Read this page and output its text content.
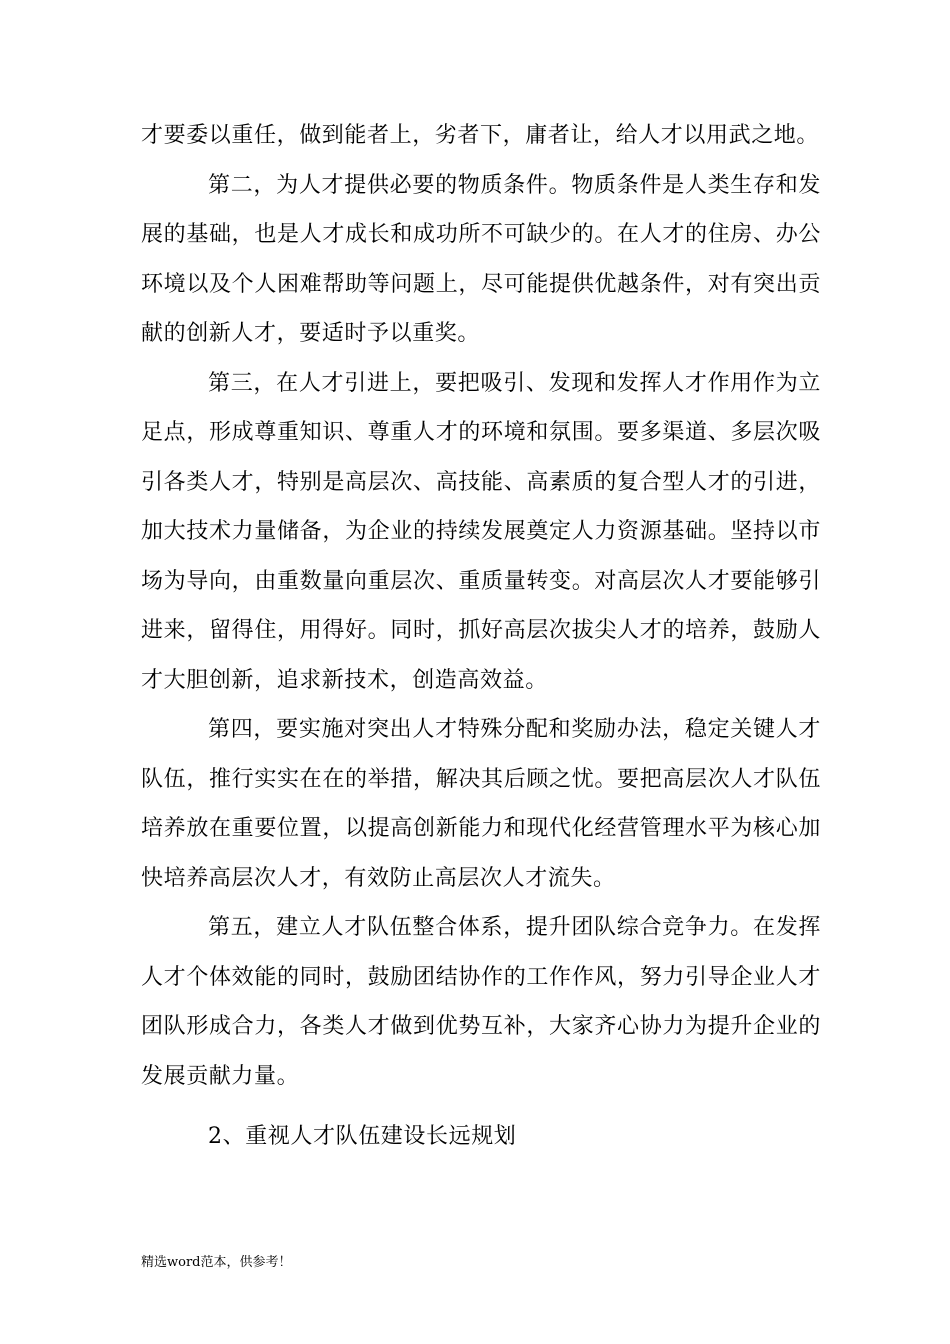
才要委以重任，做到能者上，劣者下，庸者让，给人才以用武之地。

第二，为人才提供必要的物质条件。物质条件是人类生存和发展的基础，也是人才成长和成功所不可缺少的。在人才的住房、办公环境以及个人困难帮助等问题上，尽可能提供优越条件，对有突出贡献的创新人才，要适时予以重奖。

第三，在人才引进上，要把吸引、发现和发挥人才作用作为立足点，形成尊重知识、尊重人才的环境和氛围。要多渠道、多层次吸引各类人才，特别是高层次、高技能、高素质的复合型人才的引进，加大技术力量储备，为企业的持续发展奠定人力资源基础。坚持以市场为导向，由重数量向重层次、重质量转变。对高层次人才要能够引进来，留得住，用得好。同时，抓好高层次拔尖人才的培养，鼓励人才大胆创新，追求新技术，创造高效益。

第四，要实施对突出人才特殊分配和奖励办法，稳定关键人才队伍，推行实实在在的举措，解决其后顾之忧。要把高层次人才队伍培养放在重要位置，以提高创新能力和现代化经营管理水平为核心加快培养高层次人才，有效防止高层次人才流失。

第五，建立人才队伍整合体系，提升团队综合竞争力。在发挥人才个体效能的同时，鼓励团结协作的工作作风，努力引导企业人才团队形成合力，各类人才做到优势互补，大家齐心协力为提升企业的发展贡献力量。

2、重视人才队伍建设长远规划

精选word范本，供参考！
